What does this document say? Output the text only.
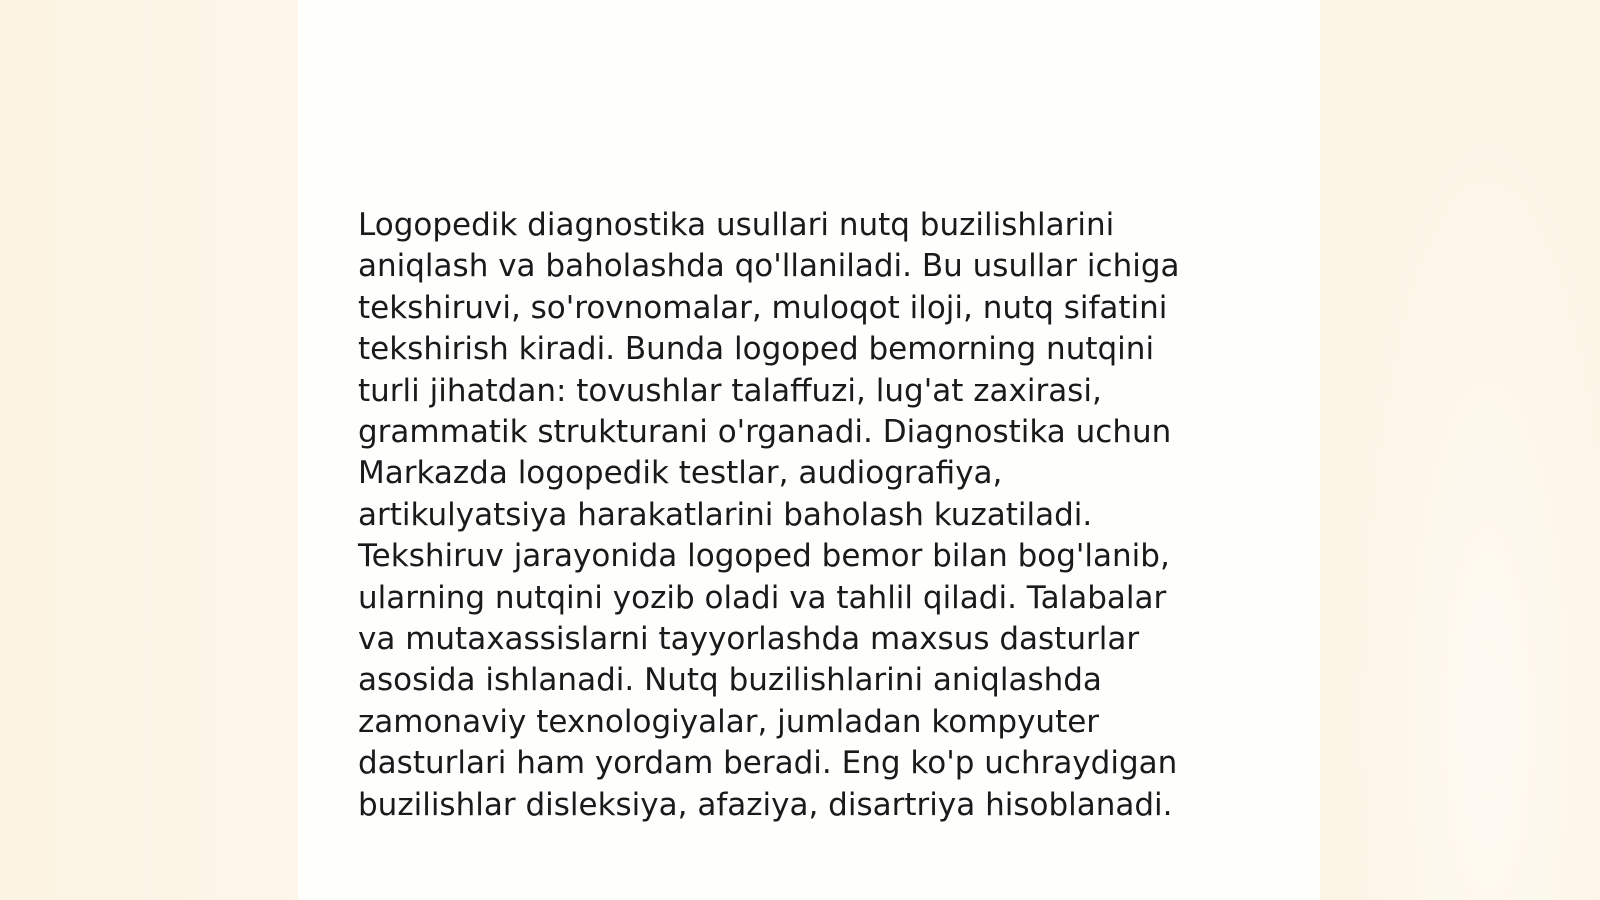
Logopedik diagnostika usullari nutq buzilishlarini
aniqlash va baholashda qo'llaniladi. Bu usullar ichiga
tekshiruvi, so'rovnomalar, muloqot iloji, nutq sifatini
tekshirish kiradi. Bunda logoped bemorning nutqini
turli jihatdan: tovushlar talaffuzi, lug'at zaxirasi,
grammatik strukturani o'rganadi. Diagnostika uchun
Markazda logopedik testlar, audiografiya,
artikulyatsiya harakatlarini baholash kuzatiladi.
Tekshiruv jarayonida logoped bemor bilan bog'lanib,
ularning nutqini yozib oladi va tahlil qiladi. Talabalar
va mutaxassislarni tayyorlashda maxsus dasturlar
asosida ishlanadi. Nutq buzilishlarini aniqlashda
zamonaviy texnologiyalar, jumladan kompyuter
dasturlari ham yordam beradi. Eng ko'p uchraydigan
buzilishlar disleksiya, afaziya, disartriya hisoblanadi.
